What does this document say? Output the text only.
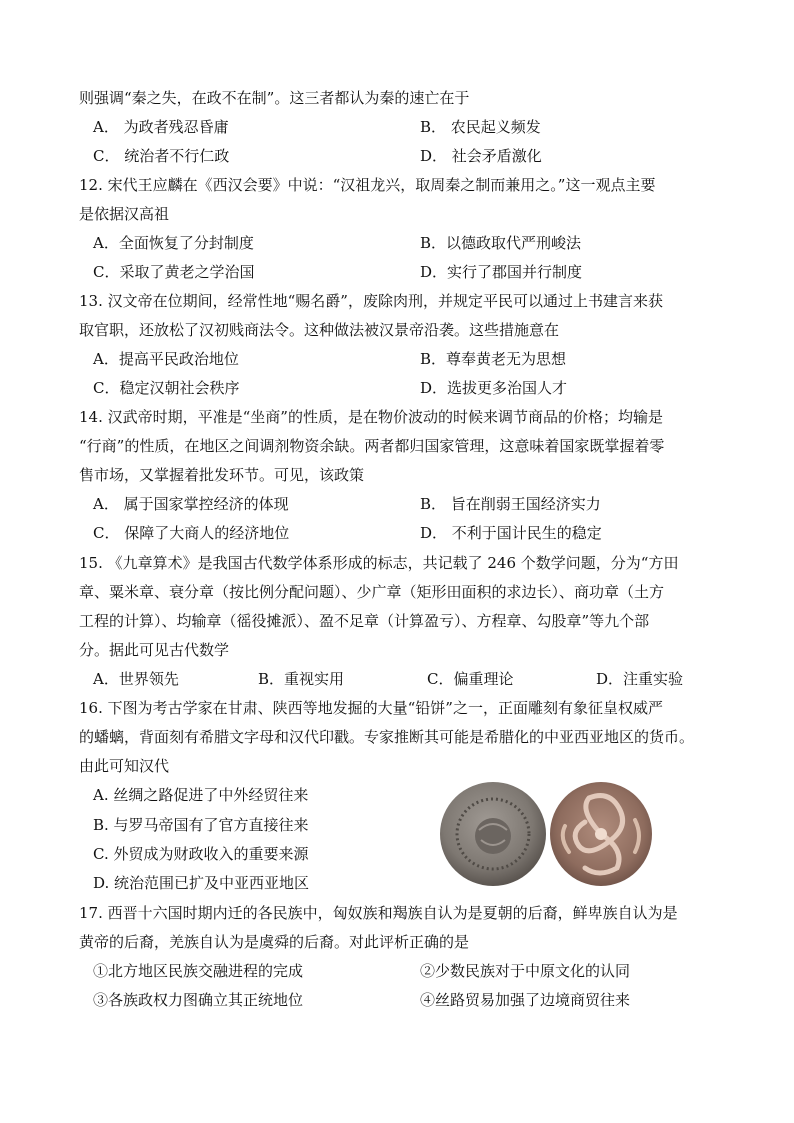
则强调“秦之失，在政不在制”。这三者都认为秦的速亡在于
A． 为政者残忍昏庸	B． 农民起义频发
C． 统治者不行仁政	D． 社会矛盾激化
12. 宋代王应麟在《西汉会要》中说：“汉祖龙兴，取周秦之制而兼用之。”这一观点主要
是依据汉高祖
A．全面恢复了分封制度	B．以德政取代严刑峻法
C．采取了黄老之学治国	D．实行了郡国并行制度
13. 汉文帝在位期间，经常性地“赐名爵”，废除肉刑，并规定平民可以通过上书建言来获
取官职，还放松了汉初贱商法令。这种做法被汉景帝沿袭。这些措施意在
A．提高平民政治地位	B．尊奉黄老无为思想
C．稳定汉朝社会秩序	D．选拔更多治国人才
14. 汉武帝时期，平准是“坐商”的性质，是在物价波动的时候来调节商品的价格；均输是
“行商”的性质，在地区之间调剂物资余缺。两者都归国家管理，这意味着国家既掌握着零
售市场，又掌握着批发环节。可见，该政策
A． 属于国家掌控经济的体现	B． 旨在削弱王国经济实力
C． 保障了大商人的经济地位	D． 不利于国计民生的稳定
15. 《九章算术》是我国古代数学体系形成的标志，共记载了 246 个数学问题，分为“方田
章、粟米章、衰分章（按比例分配问题）、少广章（矩形田面积的求边长）、商功章（土方
工程的计算）、均输章（徭役摊派）、盈不足章（计算盈亏）、方程章、勾股章”等九个部
分。据此可见古代数学
A．世界领先	B．重视实用	C．偏重理论	D．注重实验
16. 下图为考古学家在甘肃、陕西等地发掘的大量“铅饼”之一，正面雕刻有象征皇权威严
的蟠螭，背面刻有希腊文字母和汉代印戳。专家推断其可能是希腊化的中亚西亚地区的货币。
由此可知汉代
A. 丝绸之路促进了中外经贸往来
B. 与罗马帝国有了官方直接往来
C. 外贸成为财政收入的重要来源
D. 统治范围已扩及中亚西亚地区
17. 西晋十六国时期内迁的各民族中，匈奴族和羯族自认为是夏朝的后裔，鲜卑族自认为是
黄帝的后裔，羌族自认为是虞舜的后裔。对此评析正确的是
①北方地区民族交融进程的完成	②少数民族对于中原文化的认同
③各族政权力图确立其正统地位	④丝路贸易加强了边境商贸往来
